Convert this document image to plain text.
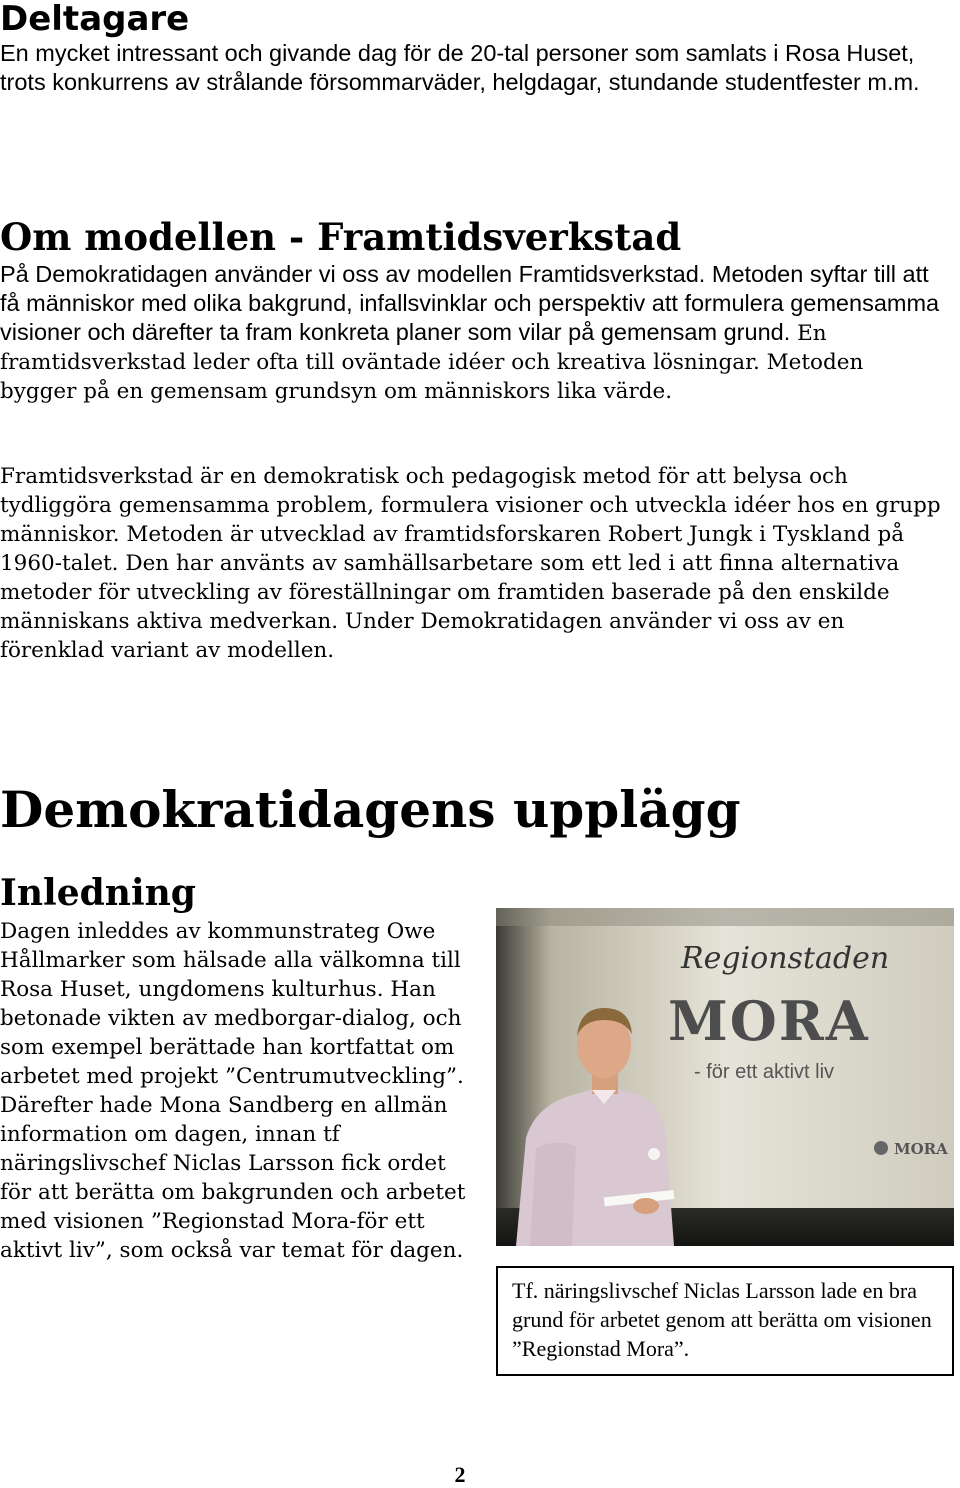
Deltagare

En mycket intressant och givande dag för de 20-tal personer som samlats i Rosa Huset, trots konkurrens av strålande försommarväder, helgdagar, stundande studentfester m.m.

Om modellen - Framtidsverkstad

På Demokratidagen använder vi oss av modellen Framtidsverkstad. Metoden syftar till att få människor med olika bakgrund, infallsvinklar och perspektiv att formulera gemensamma visioner och därefter ta fram konkreta planer som vilar på gemensam grund. En framtidsverkstad leder ofta till oväntade idéer och kreativa lösningar. Metoden bygger på en gemensam grundsyn om människors lika värde.

Framtidsverkstad är en demokratisk och pedagogisk metod för att belysa och tydliggöra gemensamma problem, formulera visioner och utveckla idéer hos en grupp människor. Metoden är utvecklad av framtidsforskaren Robert Jungk i Tyskland på 1960-talet. Den har använts av samhällsarbetare som ett led i att finna alternativa metoder för utveckling av föreställningar om framtiden baserade på den enskilde människans aktiva medverkan. Under Demokratidagen använder vi oss av en förenklad variant av modellen.

Demokratidagens upplägg
Inledning

Dagen inleddes av kommunstrateg Owe Hållmarker som hälsade alla välkomna till Rosa Huset, ungdomens kulturhus. Han betonade vikten av medborgar-dialog, och som exempel berättade han kortfattat om arbetet med projekt ”Centrumutveckling”. Därefter hade Mona Sandberg en allmän information om dagen, innan tf näringslivschef Niclas Larsson fick ordet för att berätta om bakgrunden och arbetet med visionen ”Regionstad Mora-för ett aktivt liv”, som också var temat för dagen.

Regionstaden
MORA
- för ett aktivt liv
MORA

Tf. näringslivschef Niclas Larsson lade en bra grund för arbetet genom att berätta om visionen ”Regionstad Mora”.

2
